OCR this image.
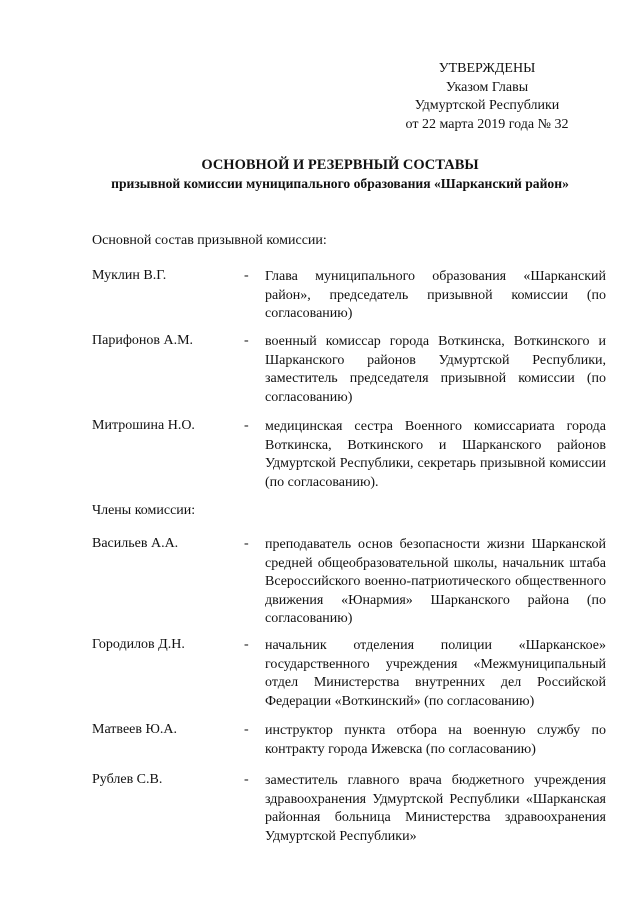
УТВЕРЖДЕНЫ
Указом Главы
Удмуртской Республики
от 22 марта 2019 года № 32
ОСНОВНОЙ И РЕЗЕРВНЫЙ СОСТАВЫ
призывной комиссии муниципального образования «Шарканский район»
Основной состав призывной комиссии:
Муклин В.Г.	- Глава муниципального образования «Шарканский район», председатель призывной комиссии (по согласованию)
Парифонов А.М.	- военный комиссар города Воткинска, Воткинского и Шарканского районов Удмуртской Республики, заместитель председателя призывной комиссии (по согласованию)
Митрошина Н.О.	- медицинская сестра Военного комиссариата города Воткинска, Воткинского и Шарканского районов Удмуртской Республики, секретарь призывной комиссии (по согласованию).
Члены комиссии:
Васильев А.А.	- преподаватель основ безопасности жизни Шарканской средней общеобразовательной школы, начальник штаба Всероссийского военно-патриотического общественного движения «Юнармия» Шарканского района (по согласованию)
Городилов Д.Н.	- начальник отделения полиции «Шарканское» государственного учреждения «Межмуниципальный отдел Министерства внутренних дел Российской Федерации «Воткинский» (по согласованию)
Матвеев Ю.А.	- инструктор пункта отбора на военную службу по контракту города Ижевска (по согласованию)
Рублев С.В.	- заместитель главного врача бюджетного учреждения здравоохранения Удмуртской Республики «Шарканская районная больница Министерства здравоохранения Удмуртской Республики»
